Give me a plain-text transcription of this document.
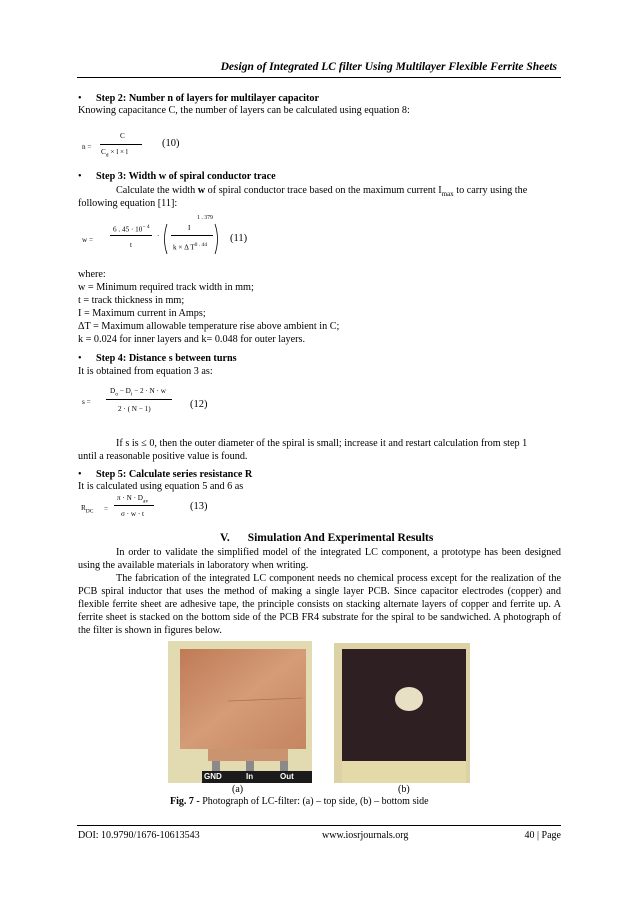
Design of Integrated LC filter Using Multilayer Flexible Ferrite Sheets
• Step 2: Number n of layers for multilayer capacitor
Knowing capacitance C, the number of layers can be calculated using equation 8:
n =
C
$C_d \times l \times l$
(10)
• Step 3: Width w of spiral conductor trace
Calculate the width w of spiral conductor trace based on the maximum current $I_{max}$ to carry using the
following equation [11]:
w =
6 . $45 \cdot 10^{- 4}$
t
·
I
k × Δ $T^{0 . 44}$
1 . 379
(11)
where:
w = Minimum required track width in mm;
t = track thickness in mm;
I = Maximum current in Amps;
ΔT = Maximum allowable temperature rise above ambient in C;
k = 0.024 for inner layers and k= 0.048 for outer layers.
• Step 4: Distance s between turns
It is obtained from equation 3 as:
s =
$D_o - D_i - 2 \cdot N \cdot w$
2 · ( N − 1)	(12)
If s is ≤ 0, then the outer diameter of the spiral is small; increase it and restart calculation from step 1
until a reasonable positive value is found.
• Step 5: Calculate series resistance R
It is calculated using equation 5 and 6 as
$R_{DC}$ =
$\pi \cdot N \cdot D_{av}$
σ · w · t
(13)
V. Simulation And Experimental Results
In order to validate the simplified model of the integrated LC component, a prototype has been designed using the available materials in laboratory when writing.
The fabrication of the integrated LC component needs no chemical process except for the realization of the PCB spiral inductor that uses the method of making a single layer PCB. Since capacitor electrodes (copper) and flexible ferrite sheet are adhesive tape, the principle consists on stacking alternate layers of copper and ferrite up. A ferrite sheet is stacked on the bottom side of the PCB FR4 substrate for the spiral to be sandwiched. A photograph of the filter is shown in figures below.
GND	In	Out
(a)	(b)
Fig. 7 - Photograph of LC-filter: (a) – top side, (b) – bottom side
DOI: 10.9790/1676-10613543	www.iosrjournals.org	40 | Page
